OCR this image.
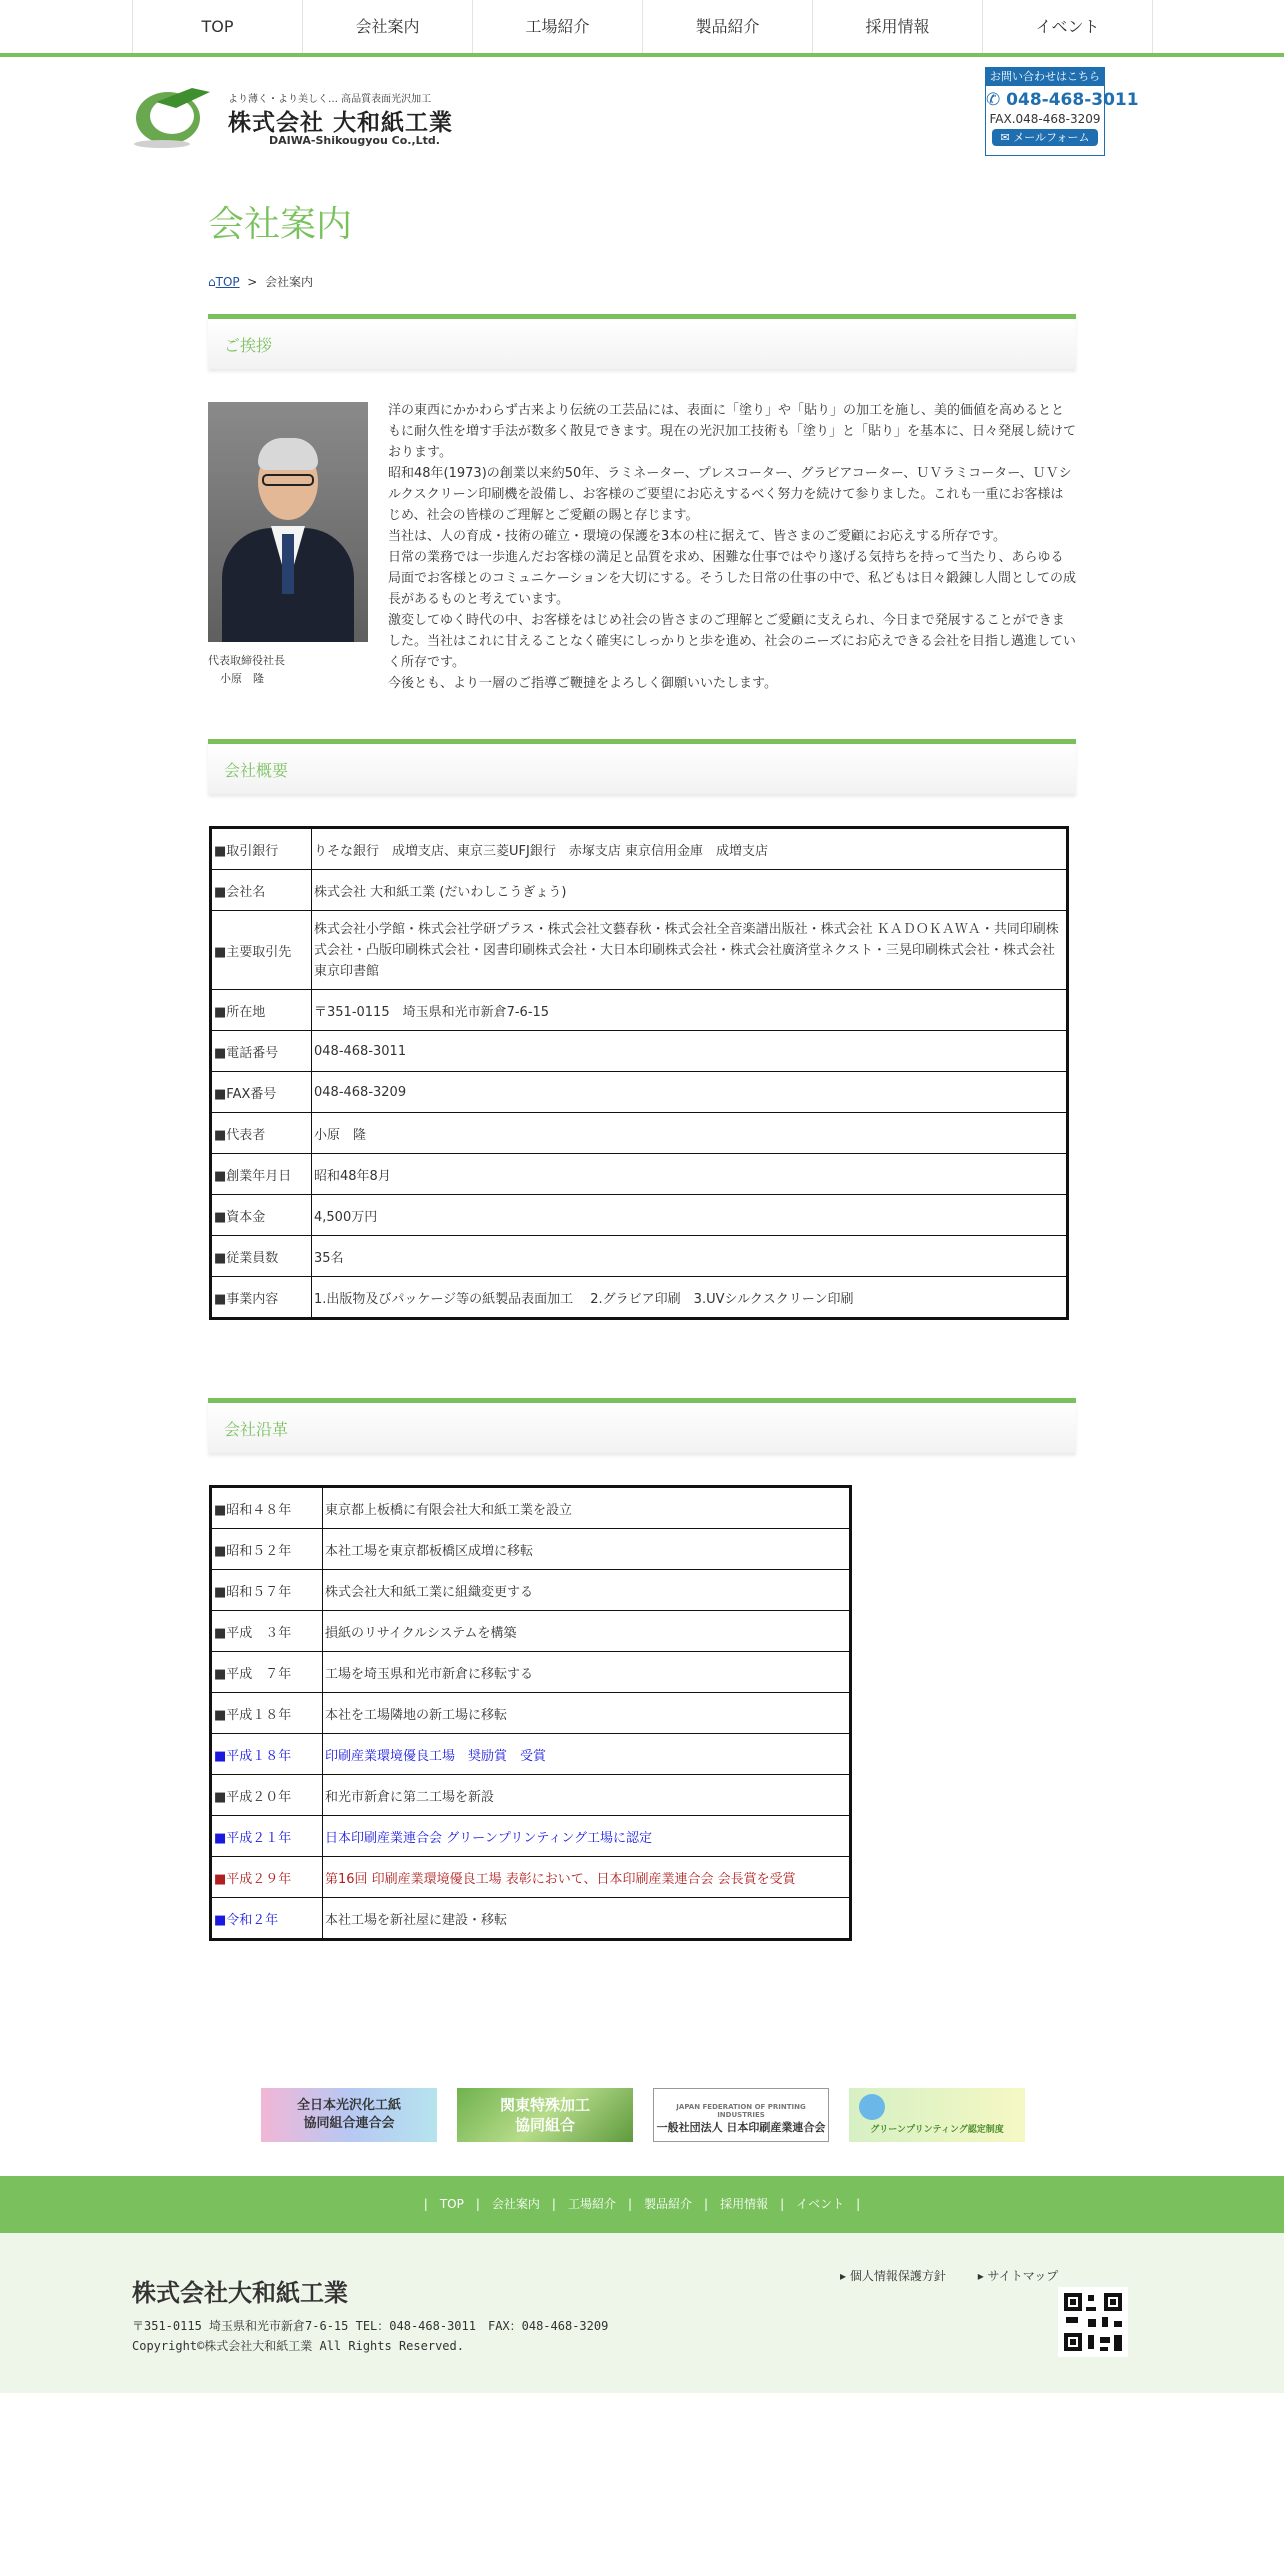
TOP	会社案内	工場紹介	製品紹介	採用情報	イベント
より薄く・より美しく… 高品質表面光沢加工
株式会社 大和紙工業
DAIWA-Shikougyou Co.,Ltd.
お問い合わせはこちら
✆ 048-468-3011
FAX.048-468-3209
✉ メールフォーム
会社案内
⌂TOP > 会社案内
ご挨拶
代表取締役社長
小原　隆

洋の東西にかかわらず古来より伝統の工芸品には、表面に「塗り」や「貼り」の加工を施し、美的価値を高めるとともに耐久性を増す手法が数多く散見できます。現在の光沢加工技術も「塗り」と「貼り」を基本に、日々発展し続けております。

昭和48年(1973)の創業以来約50年、ラミネーター、プレスコーター、グラビアコーター、ＵＶラミコーター、ＵＶシルクスクリーン印刷機を設備し、お客様のご要望にお応えするべく努力を続けて参りました。これも一重にお客様はじめ、社会の皆様のご理解とご愛顧の賜と存じます。

当社は、人の育成・技術の確立・環境の保護を3本の柱に据えて、皆さまのご愛顧にお応えする所存です。

日常の業務では一歩進んだお客様の満足と品質を求め、困難な仕事ではやり遂げる気持ちを持って当たり、あらゆる局面でお客様とのコミュニケーションを大切にする。そうした日常の仕事の中で、私どもは日々鍛錬し人間としての成長があるものと考えています。

激変してゆく時代の中、お客様をはじめ社会の皆さまのご理解とご愛顧に支えられ、今日まで発展することができました。当社はこれに甘えることなく確実にしっかりと歩を進め、社会のニーズにお応えできる会社を目指し邁進していく所存です。

今後とも、より一層のご指導ご鞭撻をよろしく御願いいたします。

会社概要
■取引銀行	りそな銀行　成増支店、東京三菱UFJ銀行　赤塚支店 東京信用金庫　成増支店
■会社名	株式会社 大和紙工業 (だいわしこうぎょう)
■主要取引先	株式会社小学館・株式会社学研プラス・株式会社文藝春秋・株式会社全音楽譜出版社・株式会社 ＫＡＤＯＫＡＷＡ・共同印刷株式会社・凸版印刷株式会社・図書印刷株式会社・大日本印刷株式会社・株式会社廣済堂ネクスト・三晃印刷株式会社・株式会社東京印書館
■所在地	〒351-0115　埼玉県和光市新倉7-6-15
■電話番号	048-468-3011
■FAX番号	048-468-3209
■代表者	小原　隆
■創業年月日	昭和48年8月
■資本金	4,500万円
■従業員数	35名
■事業内容	1.出版物及びパッケージ等の紙製品表面加工　 2.グラビア印刷　3.UVシルクスクリーン印刷
会社沿革
■昭和４８年	東京都上板橋に有限会社大和紙工業を設立
■昭和５２年	本社工場を東京都板橋区成増に移転
■昭和５７年	株式会社大和紙工業に組織変更する
■平成　３年	損紙のリサイクルシステムを構築
■平成　７年	工場を埼玉県和光市新倉に移転する
■平成１８年	本社を工場隣地の新工場に移転
■平成１８年	印刷産業環境優良工場　奨励賞　受賞
■平成２０年	和光市新倉に第二工場を新設
■平成２１年	日本印刷産業連合会 グリーンプリンティング工場に認定
■平成２９年	第16回 印刷産業環境優良工場 表彰において、日本印刷産業連合会 会長賞を受賞
■令和２年	本社工場を新社屋に建設・移転
全日本光沢化工紙
協同組合連合会
関東特殊加工
協同組合
JAPAN FEDERATION OF PRINTING INDUSTRIES
一般社団法人 日本印刷産業連合会	グリーンプリンティング認定制度
| TOP | 会社案内 | 工場紹介 | 製品紹介 | 採用情報 | イベント |
株式会社大和紙工業
〒351-0115 埼玉県和光市新倉7-6-15 TEL：048-468-3011　FAX：048-468-3209
Copyright©株式会社大和紙工業 All Rights Reserved.
▸ 個人情報保護方針	▸ サイトマップ
